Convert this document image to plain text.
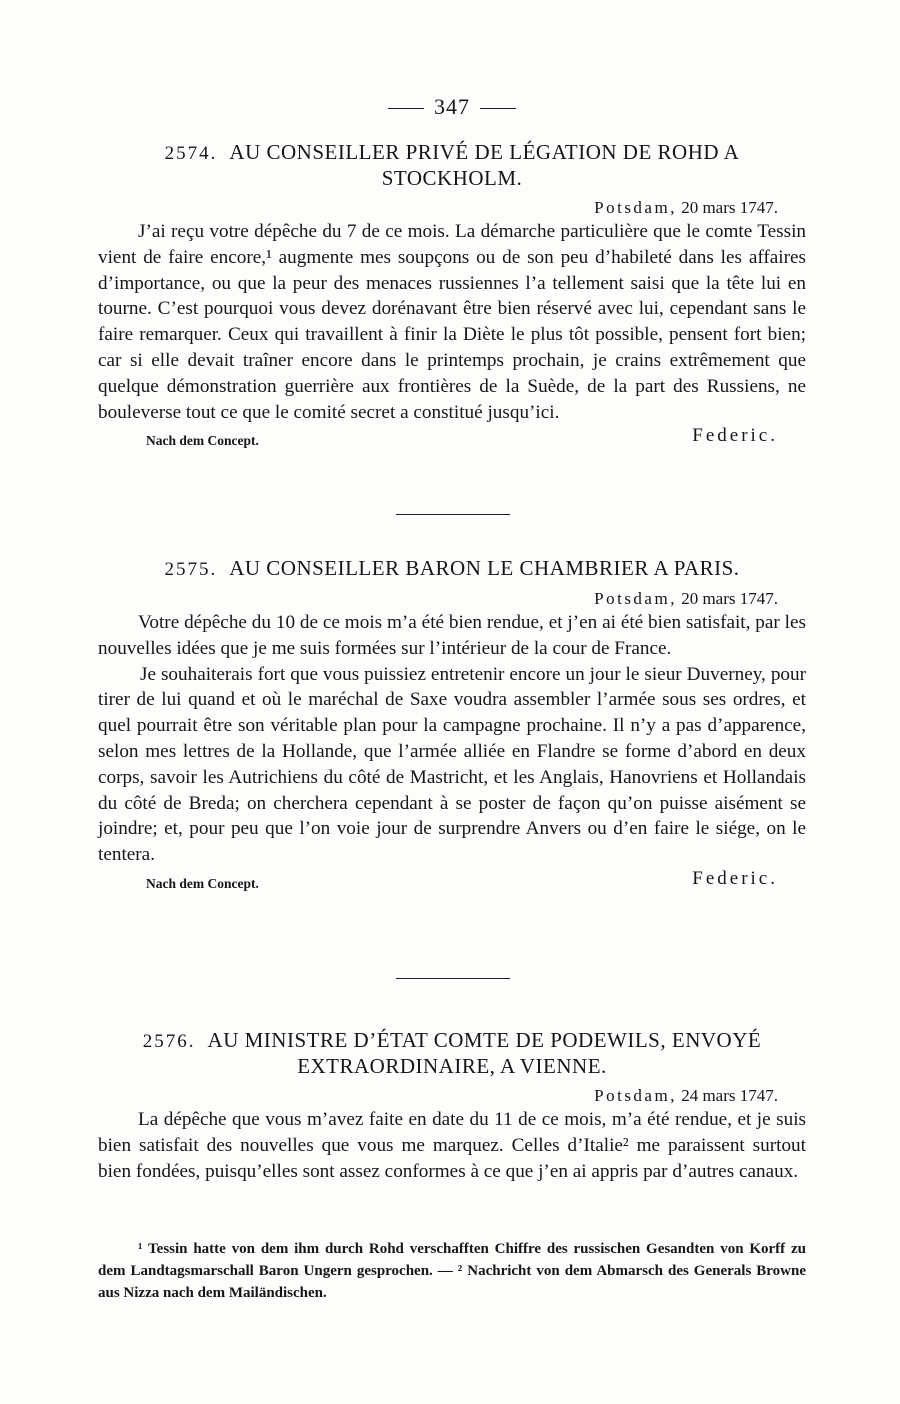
347
2574. AU CONSEILLER PRIVÉ DE LÉGATION DE ROHD A STOCKHOLM.
Potsdam, 20 mars 1747.

J’ai reçu votre dépêche du 7 de ce mois. La démarche particulière que le comte Tessin vient de faire encore,¹ augmente mes soupçons ou de son peu d’habileté dans les affaires d’importance, ou que la peur des menaces russiennes l’a tellement saisi que la tête lui en tourne. C’est pourquoi vous devez dorénavant être bien réservé avec lui, cependant sans le faire remarquer. Ceux qui travaillent à finir la Diète le plus tôt possible, pensent fort bien; car si elle devait traîner encore dans le printemps prochain, je crains extrêmement que quelque démonstration guerrière aux frontières de la Suède, de la part des Russiens, ne bouleverse tout ce que le comité secret a constitué jusqu’ici.

Nach dem Concept.	Federic.
2575. AU CONSEILLER BARON LE CHAMBRIER A PARIS.
Potsdam, 20 mars 1747.

Votre dépêche du 10 de ce mois m’a été bien rendue, et j’en ai été bien satisfait, par les nouvelles idées que je me suis formées sur l’intérieur de la cour de France.

Je souhaiterais fort que vous puissiez entretenir encore un jour le sieur Duverney, pour tirer de lui quand et où le maréchal de Saxe voudra assembler l’armée sous ses ordres, et quel pourrait être son véritable plan pour la campagne prochaine. Il n’y a pas d’apparence, selon mes lettres de la Hollande, que l’armée alliée en Flandre se forme d’abord en deux corps, savoir les Autrichiens du côté de Mastricht, et les Anglais, Hanovriens et Hollandais du côté de Breda; on cherchera cependant à se poster de façon qu’on puisse aisément se joindre; et, pour peu que l’on voie jour de surprendre Anvers ou d’en faire le siége, on le tentera.

Nach dem Concept.	Federic.
2576. AU MINISTRE D’ÉTAT COMTE DE PODEWILS, ENVOYÉ EXTRAORDINAIRE, A VIENNE.
Potsdam, 24 mars 1747.

La dépêche que vous m’avez faite en date du 11 de ce mois, m’a été rendue, et je suis bien satisfait des nouvelles que vous me marquez. Celles d’Italie² me paraissent surtout bien fondées, puisqu’elles sont assez conformes à ce que j’en ai appris par d’autres canaux.

¹ Tessin hatte von dem ihm durch Rohd verschafften Chiffre des russischen Gesandten von Korff zu dem Landtagsmarschall Baron Ungern gesprochen. — ² Nachricht von dem Abmarsch des Generals Browne aus Nizza nach dem Mailändischen.
